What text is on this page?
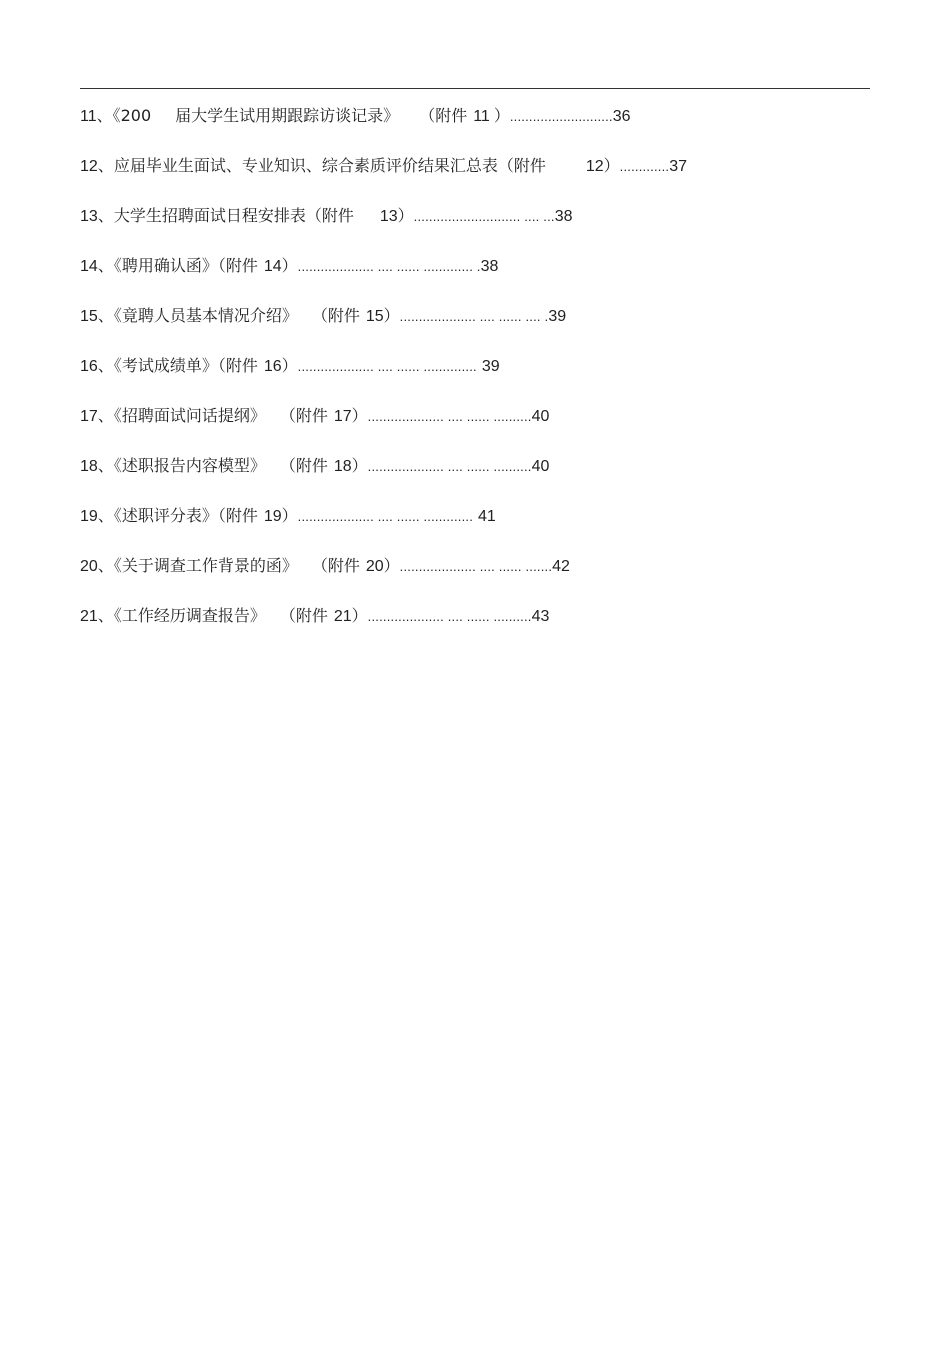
11、《200 届大学生试用期跟踪访谈记录》 （附件 11 ）...........................36
12、应届毕业生面试、专业知识、综合素质评价结果汇总表（附件	12）.............37
13、大学生招聘面试日程安排表（附件 13）............................ .... ...38
14、《聘用确认函》（附件 14）.................... .... ...... ............. .38
15、《竟聘人员基本情况介绍》 （附件 15）.................... .... ...... .... .39
16、《考试成绩单》（附件 16）.................... .... ...... .............. 39
17、《招聘面试问话提纲》 （附件 17）.................... .... ...... ..........40
18、《述职报告内容模型》 （附件 18）.................... .... ...... ..........40
19、《述职评分表》（附件 19）.................... .... ...... ............. 41
20、《关于调查工作背景的函》 （附件 20）.................... .... ...... .......42
21、《工作经历调查报告》 （附件 21）.................... .... ...... ..........43
